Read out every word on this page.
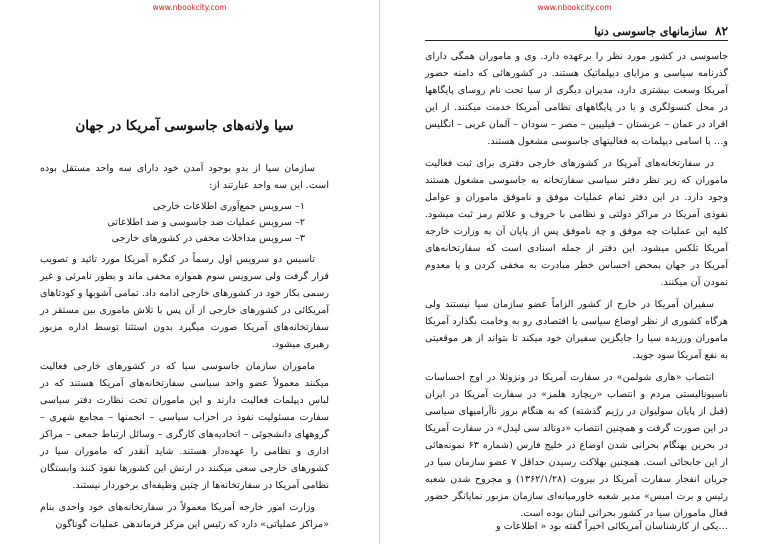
www.nbookcity.com
سیا ولانه‌های جاسوسی آمریکا در جهان

سازمان سیا از بدو بوجود آمدن خود دارای سه واحد مستقل بوده است. این سه واحد عبارتند از:

۱– سرویس جمع‌آوری اطلاعات خارجی
۲– سرویس عملیات ضد جاسوسی و ضد اطلاعاتی
۳– سرویس مداخلات مخفی در کشورهای خارجی

تاسیس دو سرویس اول رسماً در کنگره آمریکا مورد تائید و تصویب قرار گرفت ولی سرویس سوم همواره مخفی ماند و بطور نامرئی و غیر رسمی بکار خود در کشورهای خارجی ادامه داد. تمامی آشوبها و کودتاهای آمریکائی در کشورهای خارجی از آن پس با تلاش ماموری بین مستقر در سفارتخانه‌های آمریکا صورت میگیرد بدون استثنا توسط اداره مزبور رهبری میشود.

ماموران سازمان جاسوسی سیا که در کشورهای خارجی فعالیت میکنند معمولاً عضو واحد سیاسی سفارتخانه‌های آمریکا هستند که در لباس دیپلمات فعالیت دارند و این ماموران تحت نظارت دفتر سیاسی سفارت مسئولیت نفوذ در احزاب سیاسی – انجمنها – مجامع شهری – گروههای دانشجوئی – اتحادیه‌های کارگری – وسائل ارتباط جمعی – مراکز اداری و نظامی را عهده‌دار هستند. شاید آنقدر که ماموران سیا در کشورهای خارجی سعی میکنند در ارتش این کشورها نفوذ کنند وابستگان نظامی آمریکا در سفارتخانه‌ها از چنین وظیفه‌ای برخوردار نیستند.

وزارت امور خارجه آمریکا معمولاً در سفارتخانه‌های خود واحدی بنام «مراکز عملیاتی» دارد که رئیس این مرکز فرماندهی عملیات گوناگون

www.nbookcity.com
۸۲
سازمانهای جاسوسی دنیا

جاسوسی در کشور مورد نظر را برعهده دارد. وی و ماموران همگی دارای گذرنامه سیاسی و مزایای دیپلماتیک هستند. در کشورهائی که دامنه حضور آمریکا وسعت بیشتری دارد، مدیران دیگری از سیا تحت نام روسای پایگاهها در محل کنسولگری و یا در پایگاههای نظامی آمریکا خدمت میکنند. از این افراد در عمان – عربستان – فیلیپین – مصر – سودان – آلمان غربی – انگلیس و… با اسامی دیپلمات به فعالیتهای جاسوسی مشغول هستند.

در سفارتخانه‌های آمریکا در کشورهای خارجی دفتری برای ثبت فعالیت ماموران که زیر نظر دفتر سیاسی سفارتخانه به جاسوسی مشغول هستند وجود دارد. در این دفتر تمام عملیات موفق و ناموفق ماموران و عوامل نفوذی آمریکا در مراکز دولتی و نظامی با حروف و علائم رمز ثبت میشود. کلیه این عملیات چه موفق و چه ناموفق پس از پایان آن به وزارت خارجه آمریکا تلکس میشود. این دفتر از جمله اسنادی است که سفارتخانه‌های آمریکا در جهان بمحض احساس خطر مبادرت به مخفی کردن و یا معدوم نمودن آن میکنند.

سفیران آمریکا در خارج از کشور الزاماً عضو سازمان سیا نیستند ولی هرگاه کشوری از نظر اوضاع سیاسی یا اقتصادی رو به وخامت بگذارد آمریکا ماموران ورزیده سیا را جایگزین سفیران خود میکند تا بتواند از هر موقعیتی به نفع آمریکا سود جوید.

انتصاب «هاری شولمن» در سفارت آمریکا در ونزوئلا در اوج احساسات ناسیونالیستی مردم و انتصاب «ریچارد هلمز» در سفارت آمریکا در ایران (قبل از پایان سولیوان در رژیم گذشته) که به هنگام بروز ناآرامیهای سیاسی در این صورت گرفت و همچنین انتصاب «دونالد سی لیدل» در سفارت آمریکا در بحرین بهنگام بحرانی شدن اوضاع در خلیج فارس (شماره ۶۳ نمونه‌هائی از این جابجائی است. همچنین بهلاکت رسیدن حداقل ۷ عضو سازمان سیا در جریان انفجار سفارت آمریکا در بیروت (۱۳۶۲/۱/۲۸) و مجروح شدن شعبه رئیس و برت امیس» مدیر شعبه خاورمیانه‌ای سازمان مزبور نمایانگر حضور فعال ماموران سیا در کشور بحرانی لبنان بوده است.

…یکی از کارشناسان آمریکائی اخیراً گفته بود « اطلاعات و
